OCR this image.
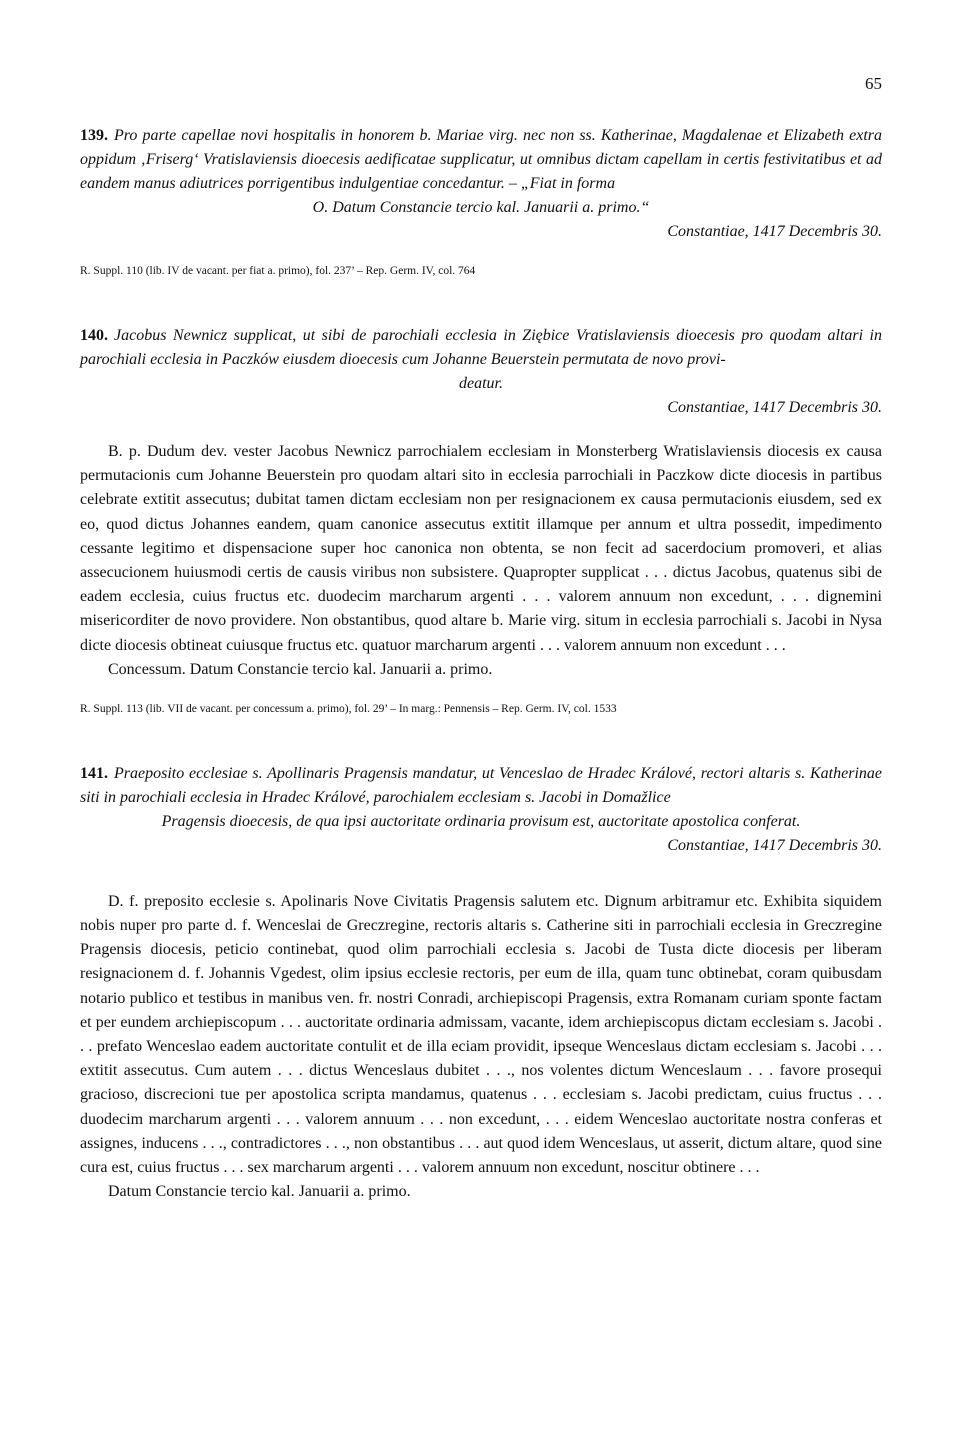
65

139. Pro parte capellae novi hospitalis in honorem b. Mariae virg. nec non ss. Katherinae, Magdalenae et Elizabeth extra oppidum ‚Friserg‘ Vratislaviensis dioecesis aedificatae supplicatur, ut omnibus dictam capellam in certis festivitatibus et ad eandem manus adiutrices porrigentibus indulgentiae concedantur. – „Fiat in forma
O. Datum Constancie tercio kal. Januarii a. primo.“

Constantiae, 1417 Decembris 30.

R. Suppl. 110 (lib. IV de vacant. per fiat a. primo), fol. 237’ – Rep. Germ. IV, col. 764

140. Jacobus Newnicz supplicat, ut sibi de parochiali ecclesia in Ziębice Vratislaviensis dioecesis pro quodam altari in parochiali ecclesia in Paczków eiusdem dioecesis cum Johanne Beuerstein permutata de novo provi-
deatur.

Constantiae, 1417 Decembris 30.

B. p. Dudum dev. vester Jacobus Newnicz parrochialem ecclesiam in Monsterberg Wratislaviensis diocesis ex causa permutacionis cum Johanne Beuerstein pro quodam altari sito in ecclesia parrochiali in Paczkow dicte diocesis in partibus celebrate extitit assecutus; dubitat tamen dictam ecclesiam non per resignacionem ex causa permutacionis eiusdem, sed ex eo, quod dictus Johannes eandem, quam canonice assecutus extitit illamque per annum et ultra possedit, impedimento cessante legitimo et dispensacione super hoc canonica non obtenta, se non fecit ad sacerdocium promoveri, et alias assecucionem huiusmodi certis de causis viribus non subsistere. Quapropter supplicat . . . dictus Jacobus, quatenus sibi de eadem ecclesia, cuius fructus etc. duodecim marcharum argenti . . . valorem annuum non excedunt, . . . dignemini misericorditer de novo providere. Non obstantibus, quod altare b. Marie virg. situm in ecclesia parrochiali s. Jacobi in Nysa dicte diocesis obtineat cuiusque fructus etc. quatuor marcharum argenti . . . valorem annuum non excedunt . . .

Concessum. Datum Constancie tercio kal. Januarii a. primo.

R. Suppl. 113 (lib. VII de vacant. per concessum a. primo), fol. 29’ – In marg.: Pennensis – Rep. Germ. IV, col. 1533

141. Praeposito ecclesiae s. Apollinaris Pragensis mandatur, ut Venceslao de Hradec Králové, rectori altaris s. Katherinae siti in parochiali ecclesia in Hradec Králové, parochialem ecclesiam s. Jacobi in Domažlice
Pragensis dioecesis, de qua ipsi auctoritate ordinaria provisum est, auctoritate apostolica conferat.

Constantiae, 1417 Decembris 30.

D. f. preposito ecclesie s. Apolinaris Nove Civitatis Pragensis salutem etc. Dignum arbitramur etc. Exhibita siquidem nobis nuper pro parte d. f. Wenceslai de Greczregine, rectoris altaris s. Catherine siti in parrochiali ecclesia in Greczregine Pragensis diocesis, peticio continebat, quod olim parrochiali ecclesia s. Jacobi de Tusta dicte diocesis per liberam resignacionem d. f. Johannis Vgedest, olim ipsius ecclesie rectoris, per eum de illa, quam tunc obtinebat, coram quibusdam notario publico et testibus in manibus ven. fr. nostri Conradi, archiepiscopi Pragensis, extra Romanam curiam sponte factam et per eundem archiepiscopum . . . auctoritate ordinaria admissam, vacante, idem archiepiscopus dictam ecclesiam s. Jacobi . . . prefato Wenceslao eadem auctoritate contulit et de illa eciam providit, ipseque Wenceslaus dictam ecclesiam s. Jacobi . . . extitit assecutus. Cum autem . . . dictus Wenceslaus dubitet . . ., nos volentes dictum Wenceslaum . . . favore prosequi gracioso, discrecioni tue per apostolica scripta mandamus, quatenus . . . ecclesiam s. Jacobi predictam, cuius fructus . . . duodecim marcharum argenti . . . valorem annuum . . . non excedunt, . . . eidem Wenceslao auctoritate nostra conferas et assignes, inducens . . ., contradictores . . ., non obstantibus . . . aut quod idem Wenceslaus, ut asserit, dictum altare, quod sine cura est, cuius fructus . . . sex marcharum argenti . . . valorem annuum non excedunt, noscitur obtinere . . .

Datum Constancie tercio kal. Januarii a. primo.
